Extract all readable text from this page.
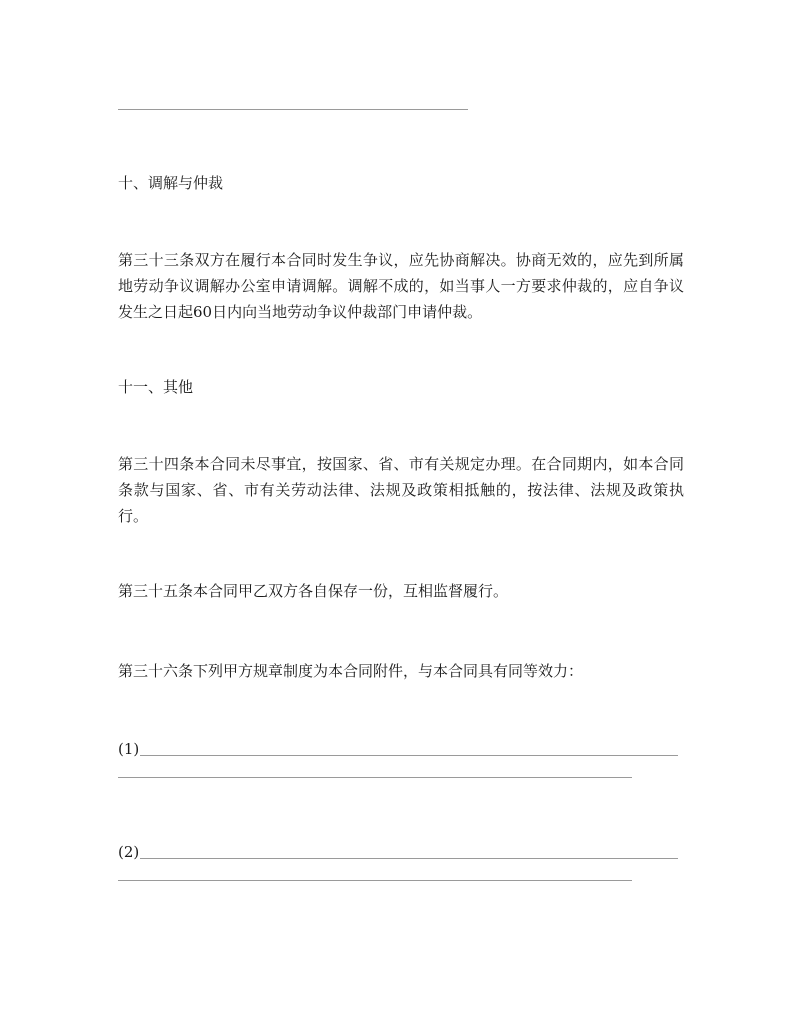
十、调解与仲裁
第三十三条双方在履行本合同时发生争议，应先协商解决。协商无效的，应先到所属地劳动争议调解办公室申请调解。调解不成的，如当事人一方要求仲裁的，应自争议发生之日起60日内向当地劳动争议仲裁部门申请仲裁。
十一、其他
第三十四条本合同未尽事宜，按国家、省、市有关规定办理。在合同期内，如本合同条款与国家、省、市有关劳动法律、法规及政策相抵触的，按法律、法规及政策执行。
第三十五条本合同甲乙双方各自保存一份，互相监督履行。
第三十六条下列甲方规章制度为本合同附件，与本合同具有同等效力：
(1)
(2)
